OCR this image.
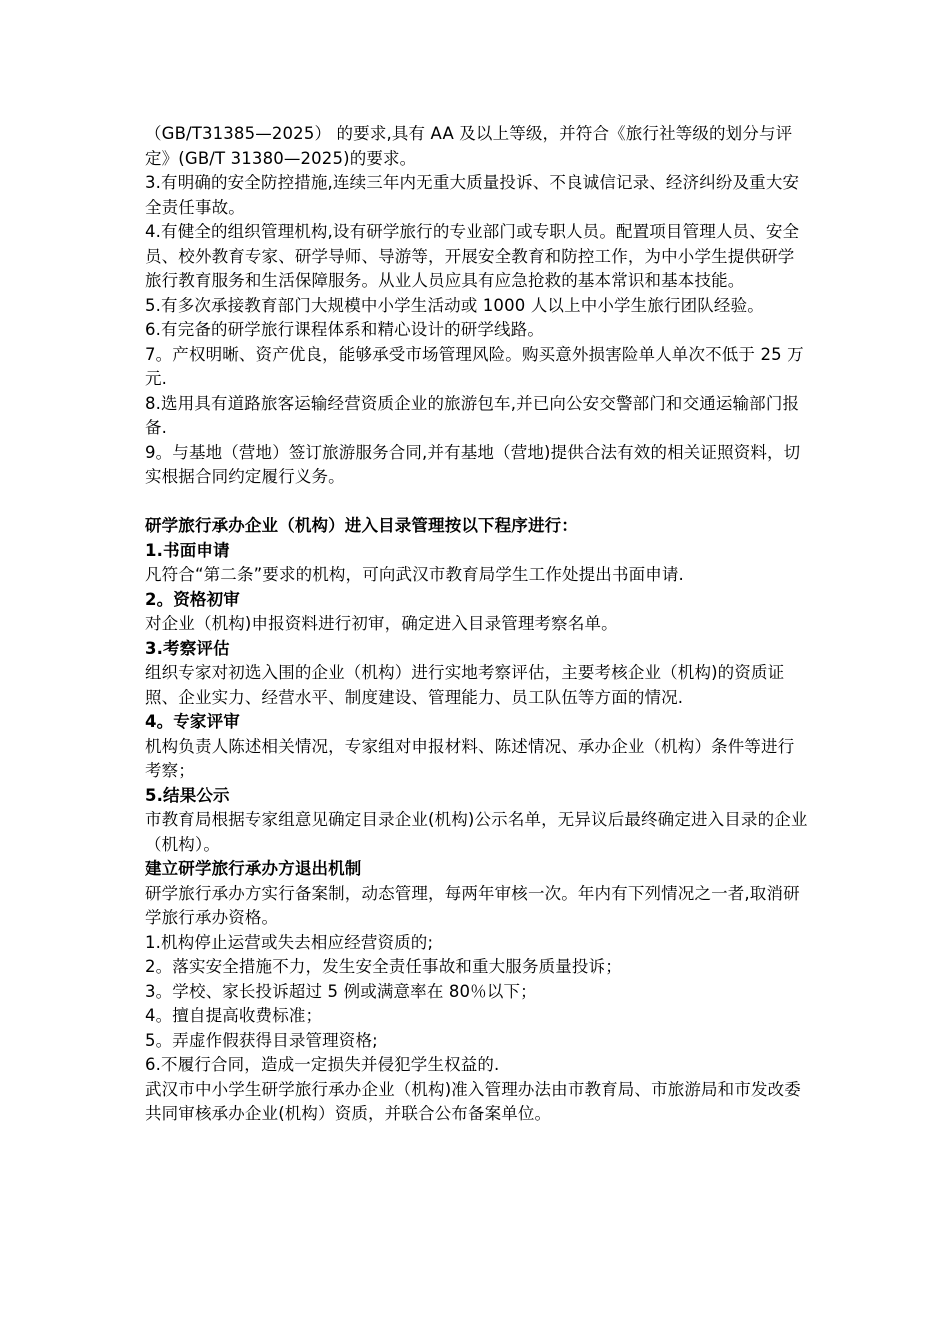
（GB/T31385—2025） 的要求,具有 AA 及以上等级，并符合《旅行社等级的划分与评定》(GB/T 31380—2025)的要求。

3.有明确的安全防控措施,连续三年内无重大质量投诉、不良诚信记录、经济纠纷及重大安全责任事故。

4.有健全的组织管理机构,设有研学旅行的专业部门或专职人员。配置项目管理人员、安全员、校外教育专家、研学导师、导游等，开展安全教育和防控工作，为中小学生提供研学旅行教育服务和生活保障服务。从业人员应具有应急抢救的基本常识和基本技能。

5.有多次承接教育部门大规模中小学生活动或 1000 人以上中小学生旅行团队经验。

6.有完备的研学旅行课程体系和精心设计的研学线路。

7。产权明晰、资产优良，能够承受市场管理风险。购买意外损害险单人单次不低于 25 万元.

8.选用具有道路旅客运输经营资质企业的旅游包车,并已向公安交警部门和交通运输部门报备.

9。与基地（营地）签订旅游服务合同,并有基地（营地)提供合法有效的相关证照资料，切实根据合同约定履行义务。

研学旅行承办企业（机构）进入目录管理按以下程序进行：

1.书面申请

凡符合“第二条”要求的机构，可向武汉市教育局学生工作处提出书面申请.

2。资格初审

对企业（机构)申报资料进行初审，确定进入目录管理考察名单。

3.考察评估

组织专家对初选入围的企业（机构）进行实地考察评估，主要考核企业（机构)的资质证照、企业实力、经营水平、制度建设、管理能力、员工队伍等方面的情况.

4。专家评审

机构负责人陈述相关情况，专家组对申报材料、陈述情况、承办企业（机构）条件等进行考察；

5.结果公示

市教育局根据专家组意见确定目录企业(机构)公示名单，无异议后最终确定进入目录的企业（机构）。

建立研学旅行承办方退出机制

研学旅行承办方实行备案制，动态管理，每两年审核一次。年内有下列情况之一者,取消研学旅行承办资格。

1.机构停止运营或失去相应经营资质的;

2。落实安全措施不力，发生安全责任事故和重大服务质量投诉；

3。学校、家长投诉超过 5 例或满意率在 80％以下；

4。擅自提高收费标准；

5。弄虚作假获得目录管理资格;

6.不履行合同，造成一定损失并侵犯学生权益的.

武汉市中小学生研学旅行承办企业（机构)准入管理办法由市教育局、市旅游局和市发改委共同审核承办企业(机构）资质，并联合公布备案单位。
